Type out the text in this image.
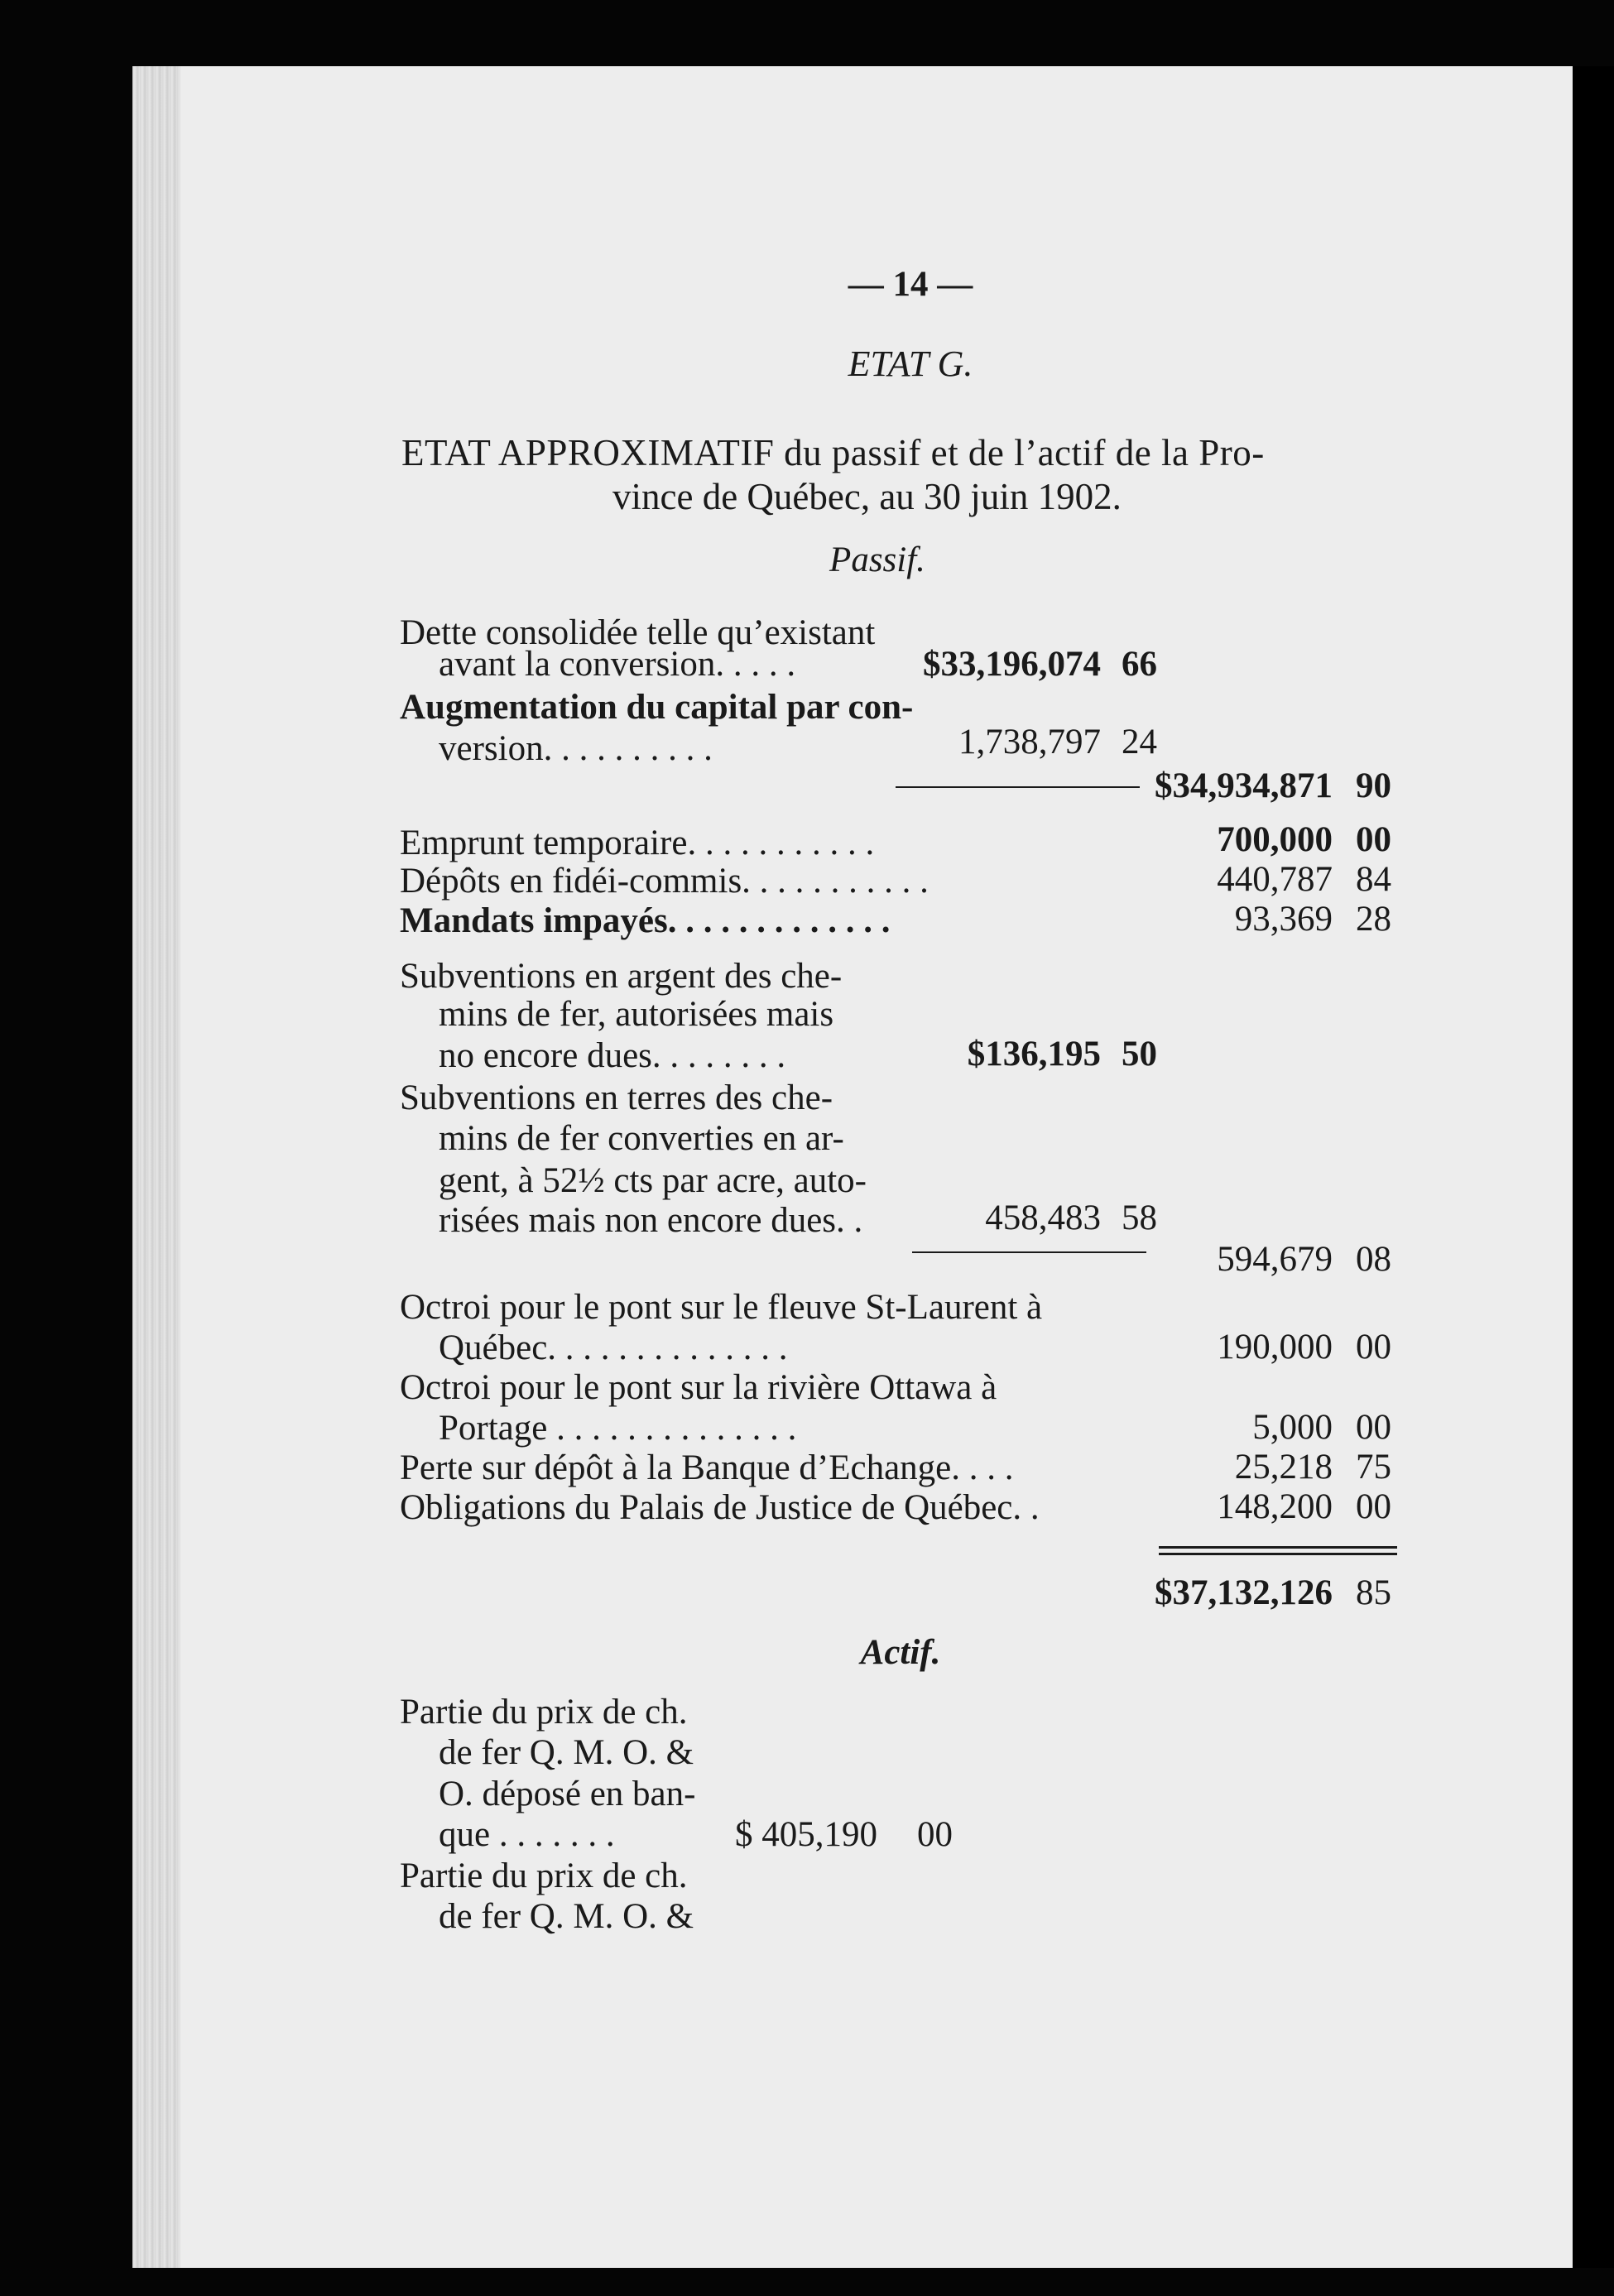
— 14 —
ETAT G.
ETAT APPROXIMATIF du passif et de l’actif de la Pro-
vince de Québec, au 30 juin 1902.
Passif.
Dette consolidée telle qu’existant
avant la conversion. . . . .	$33,196,074 66
Augmentation du capital par con-
version. . . . . . . . . .	1,738,797 24
$34,934,871 90
Emprunt temporaire. . . . . . . . . . .	700,000 00
Dépôts en fidéi-commis. . . . . . . . . . .	440,787 84
Mandats impayés. . . . . . . . . . . . .	93,369 28
Subventions en argent des che-
mins de fer, autorisées mais
no encore dues. . . . . . . .	$136,195 50
Subventions en terres des che-
mins de fer converties en ar-
gent, à 52½ cts par acre, auto-
risées mais non encore dues. .	458,483 58
594,679 08
Octroi pour le pont sur le fleuve St-Laurent à
Québec. . . . . . . . . . . . . .	190,000 00
Octroi pour le pont sur la rivière Ottawa à
Portage . . . . . . . . . . . . . .	5,000 00
Perte sur dépôt à la Banque d’Echange. . . .	25,218 75
Obligations du Palais de Justice de Québec. .	148,200 00
$37,132,126 85
Actif.
Partie du prix de ch.
de fer Q. M. O. &
O. déposé en ban-
que . . . . . . .	$ 405,190 00
Partie du prix de ch.
de fer Q. M. O. &
